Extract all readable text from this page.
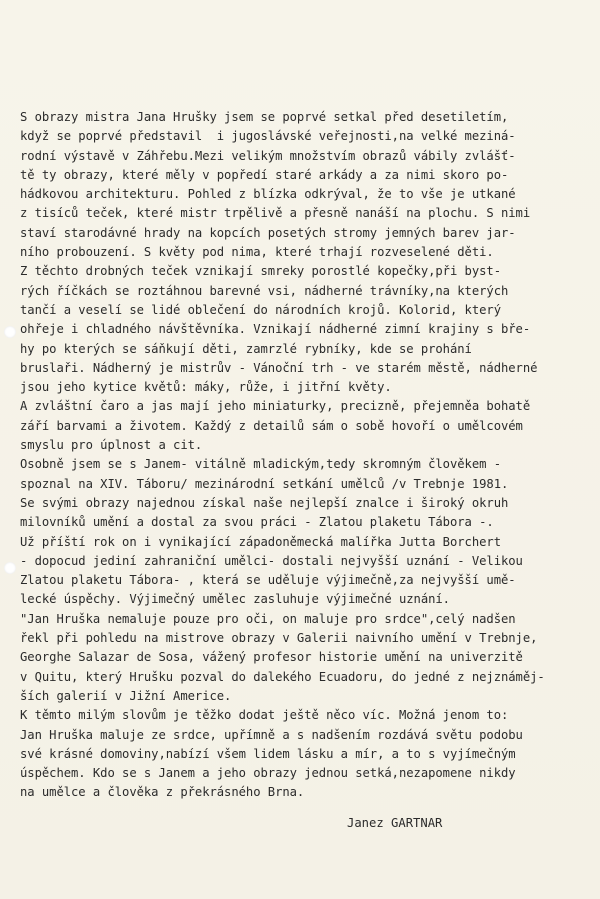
S obrazy mistra Jana Hrušky jsem se poprvé setkal před desetiletím,
když se poprvé představil  i jugoslávské veřejnosti,na velké meziná-
rodní výstavě v Záhřebu.Mezi velikým množstvím obrazů vábily zvlášť-
tě ty obrazy, které měly v popředí staré arkády a za nimi skoro po-
hádkovou architekturu. Pohled z blízka odkrýval, že to vše je utkané
z tisíců teček, které mistr trpělivě a přesně nanáší na plochu. S nimi
staví starodávné hrady na kopcích posetých stromy jemných barev jar-
ního probouzení. S květy pod nima, které trhají rozveselené děti.
Z těchto drobných teček vznikají smreky porostlé kopečky,při byst-
rých říčkách se roztáhnou barevné vsi, nádherné trávníky,na kterých
tančí a veselí se lidé oblečení do národních krojů. Kolorid, který
ohřeje i chladného návštěvníka. Vznikají nádherné zimní krajiny s bře-
hy po kterých se sáňkují děti, zamrzlé rybníky, kde se prohání
bruslaři. Nádherný je mistrův - Vánoční trh - ve starém městě, nádherné
jsou jeho kytice květů: máky, růže, i jitřní květy.
A zvláštní čaro a jas mají jeho miniaturky, precizně, přejemněa bohatě
září barvami a životem. Každý z detailů sám o sobě hovoří o umělcovém
smyslu pro úplnost a cit.
Osobně jsem se s Janem- vitálně mladickým,tedy skromným člověkem -
spoznal na XIV. Táboru/ mezinárodní setkání umělců /v Trebnje 1981.
Se svými obrazy najednou získal naše nejlepší znalce i široký okruh
milovníků umění a dostal za svou práci - Zlatou plaketu Tábora -.
Už příští rok on i vynikající západoněmecká malířka Jutta Borchert
- dopoсud jediní zahraniční umělci- dostali nejvyšší uznání - Velikou
Zlatou plaketu Tábora- , která se uděluje výjimečně,za nejvyšší umě-
lecké úspěchy. Výjimečný umělec zasluhuje výjimečné uznání.
"Jan Hruška nemaluje pouze pro oči, on maluje pro srdce",celý nadšen
řekl při pohledu na mistrove obrazy v Galerii naivního umění v Trebnje,
Georghe Salazar de Sosa, vážený profesor historie umění na univerzitě
v Quitu, který Hrušku pozval do dalekého Ecuadoru, do jedné z nejznáměj-
ších galerií v Jižní Americe.
K těmto milým slovům je těžko dodat ještě něco víc. Možná jenom to:
Jan Hruška maluje ze srdce, upřímně a s nadšením rozdává světu podobu
své krásné domoviny,nabízí všem lidem lásku a mír, a to s vyjímečným
úspěchem. Kdo se s Janem a jeho obrazy jednou setká,nezapomene nikdy
na umělce a člověka z překrásného Brna.
Janez GARTNAR
